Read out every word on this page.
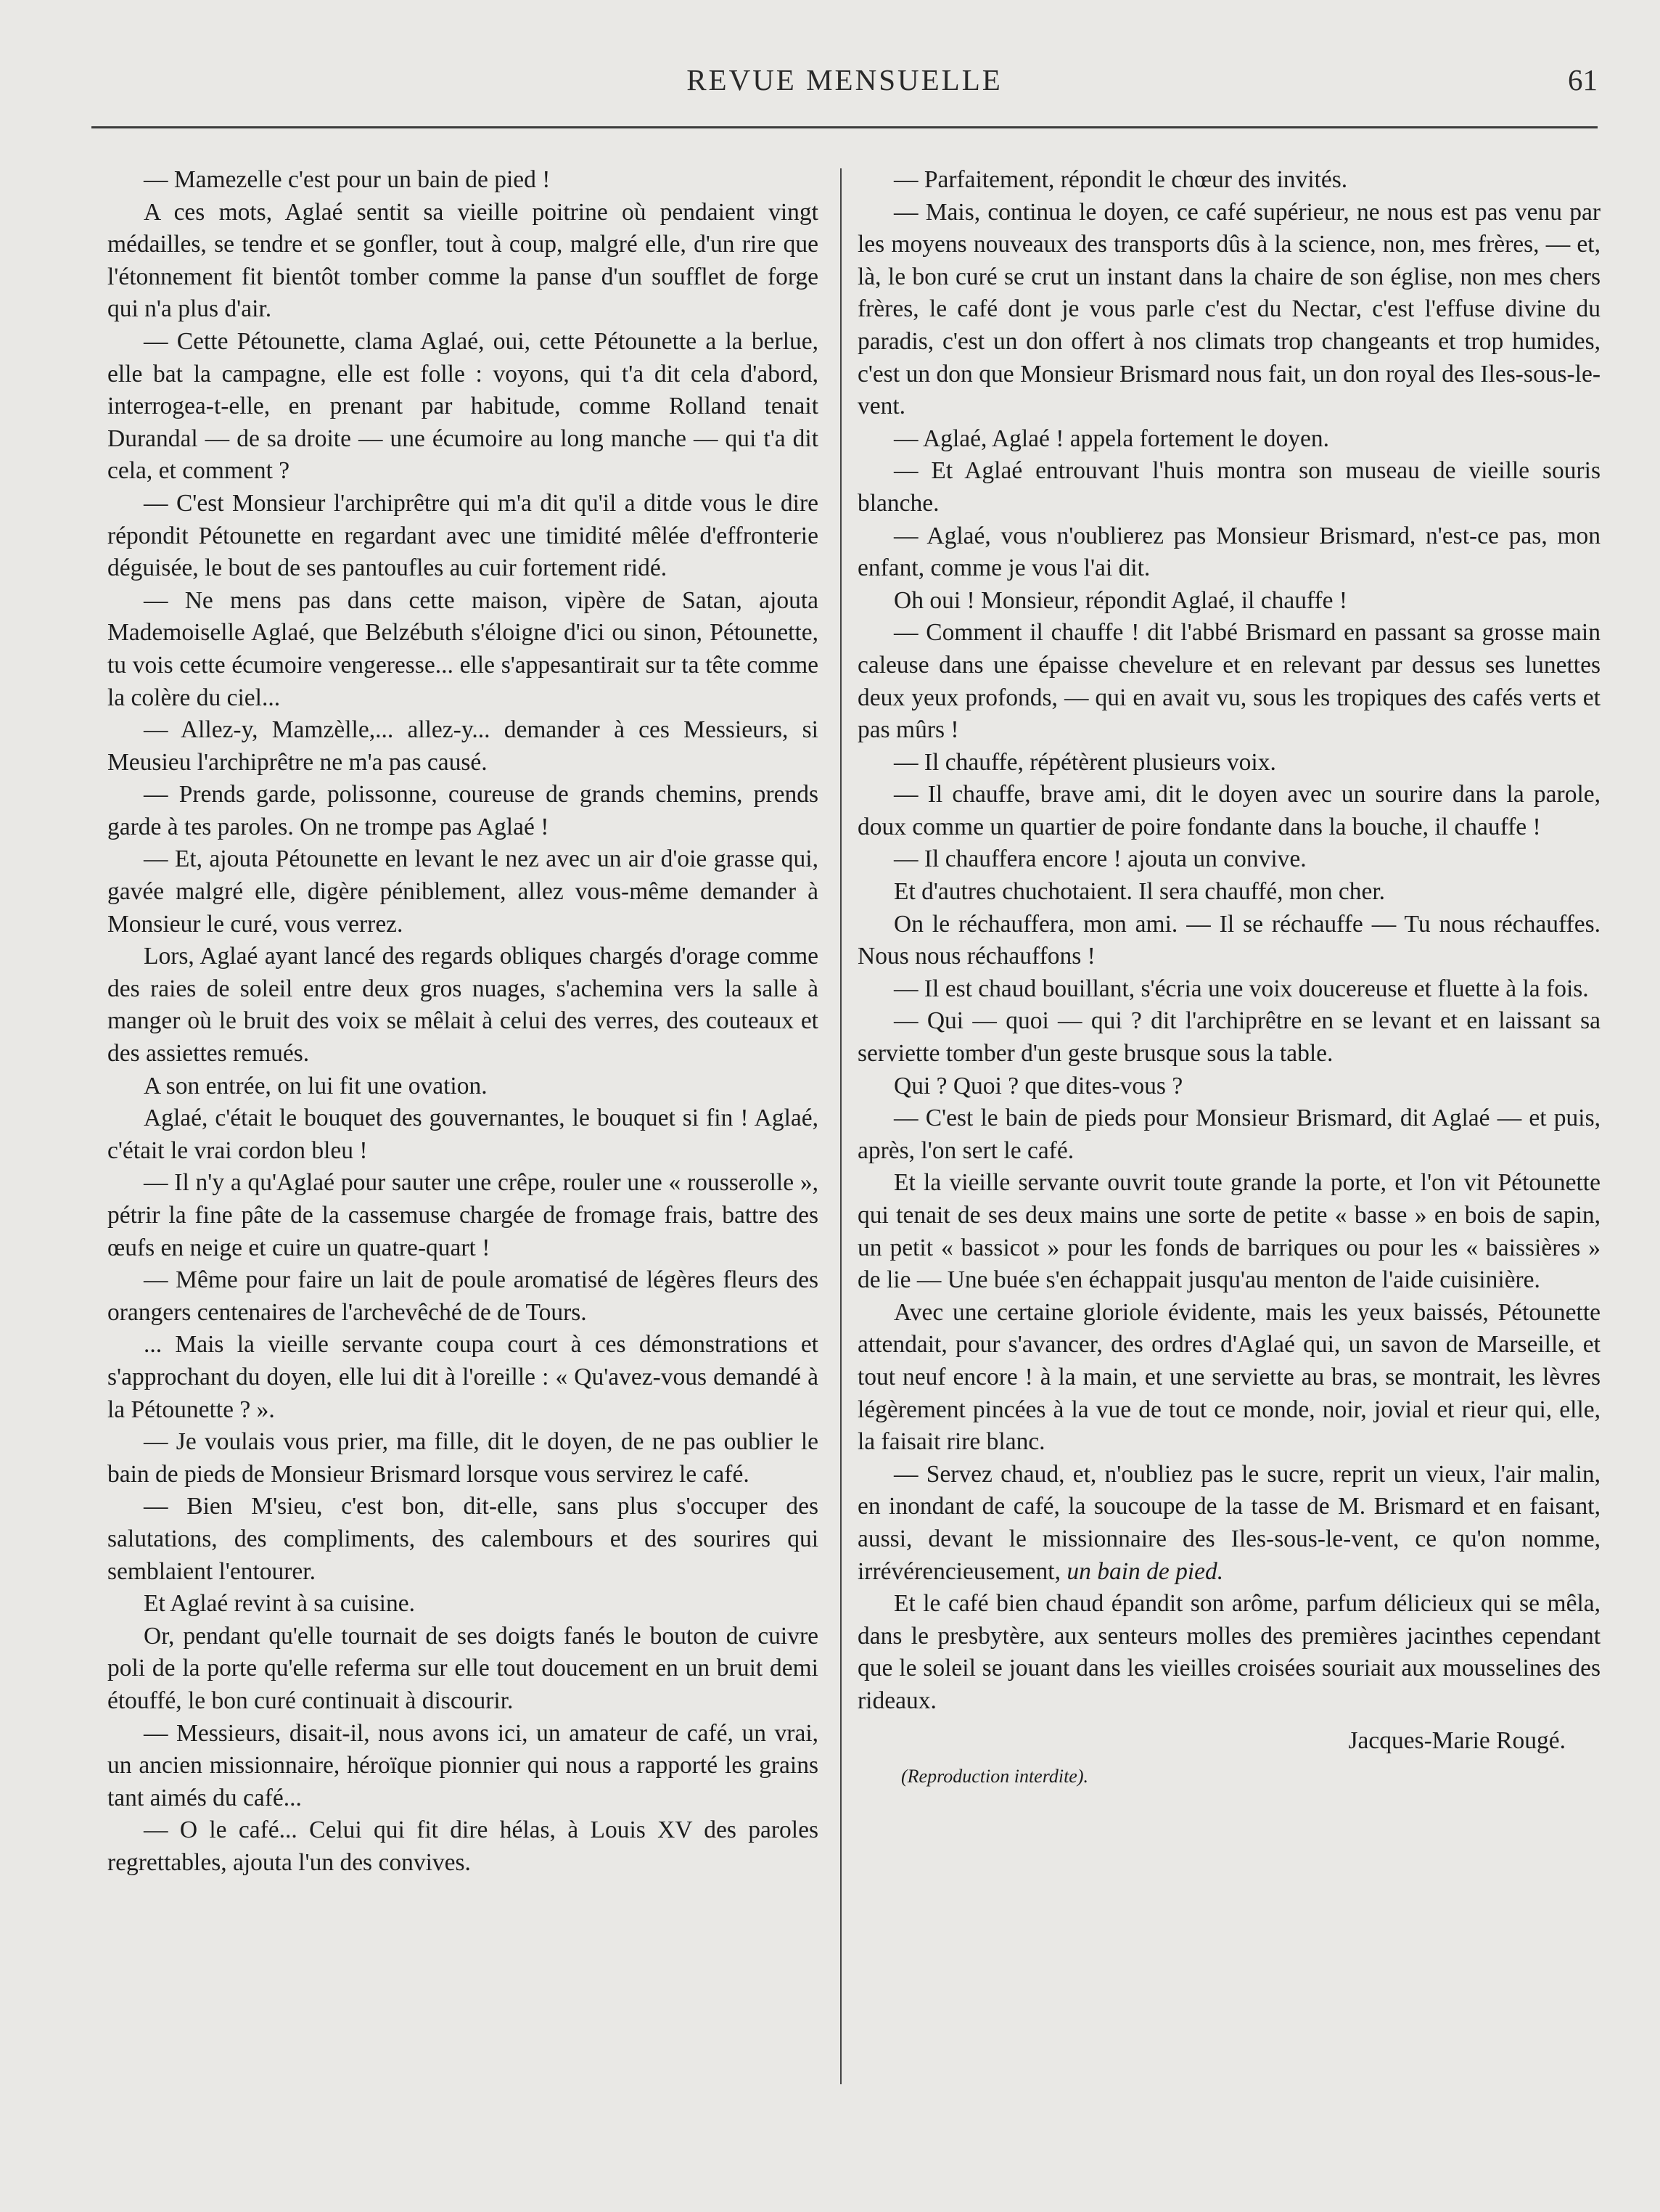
REVUE MENSUELLE	61

— Mamezelle c'est pour un bain de pied !

A ces mots, Aglaé sentit sa vieille poitrine où pendaient vingt médailles, se tendre et se gonfler, tout à coup, malgré elle, d'un rire que l'étonnement fit bientôt tomber comme la panse d'un soufflet de forge qui n'a plus d'air.

— Cette Pétounette, clama Aglaé, oui, cette Pétounette a la berlue, elle bat la campagne, elle est folle : voyons, qui t'a dit cela d'abord, interrogea-t-elle, en prenant par habitude, comme Rolland tenait Durandal — de sa droite — une écumoire au long manche — qui t'a dit cela, et comment ?

— C'est Monsieur l'archiprêtre qui m'a dit qu'il a ditde vous le dire répondit Pétounette en regardant avec une timidité mêlée d'effronterie déguisée, le bout de ses pantoufles au cuir fortement ridé.

— Ne mens pas dans cette maison, vipère de Satan, ajouta Mademoiselle Aglaé, que Belzébuth s'éloigne d'ici ou sinon, Pétounette, tu vois cette écumoire vengeresse... elle s'appesantirait sur ta tête comme la colère du ciel...

— Allez-y, Mamzèlle,... allez-y... demander à ces Messieurs, si Meusieu l'archiprêtre ne m'a pas causé.

— Prends garde, polissonne, coureuse de grands chemins, prends garde à tes paroles. On ne trompe pas Aglaé !

— Et, ajouta Pétounette en levant le nez avec un air d'oie grasse qui, gavée malgré elle, digère péniblement, allez vous-même demander à Monsieur le curé, vous verrez.

Lors, Aglaé ayant lancé des regards obliques chargés d'orage comme des raies de soleil entre deux gros nuages, s'achemina vers la salle à manger où le bruit des voix se mêlait à celui des verres, des couteaux et des assiettes remués.

A son entrée, on lui fit une ovation.

Aglaé, c'était le bouquet des gouvernantes, le bouquet si fin ! Aglaé, c'était le vrai cordon bleu !

— Il n'y a qu'Aglaé pour sauter une crêpe, rouler une « rousserolle », pétrir la fine pâte de la cassemuse chargée de fromage frais, battre des œufs en neige et cuire un quatre-quart !

— Même pour faire un lait de poule aromatisé de légères fleurs des orangers centenaires de l'archevêché de de Tours.

... Mais la vieille servante coupa court à ces démonstrations et s'approchant du doyen, elle lui dit à l'oreille : « Qu'avez-vous demandé à la Pétounette ? ».

— Je voulais vous prier, ma fille, dit le doyen, de ne pas oublier le bain de pieds de Monsieur Brismard lorsque vous servirez le café.

— Bien M'sieu, c'est bon, dit-elle, sans plus s'occuper des salutations, des compliments, des calembours et des sourires qui semblaient l'entourer.

Et Aglaé revint à sa cuisine.

Or, pendant qu'elle tournait de ses doigts fanés le bouton de cuivre poli de la porte qu'elle referma sur elle tout doucement en un bruit demi étouffé, le bon curé continuait à discourir.

— Messieurs, disait-il, nous avons ici, un amateur de café, un vrai, un ancien missionnaire, héroïque pionnier qui nous a rapporté les grains tant aimés du café...

— O le café... Celui qui fit dire hélas, à Louis XV des paroles regrettables, ajouta l'un des convives.

— Parfaitement, répondit le chœur des invités.

— Mais, continua le doyen, ce café supérieur, ne nous est pas venu par les moyens nouveaux des transports dûs à la science, non, mes frères, — et, là, le bon curé se crut un instant dans la chaire de son église, non mes chers frères, le café dont je vous parle c'est du Nectar, c'est l'effuse divine du paradis, c'est un don offert à nos climats trop changeants et trop humides, c'est un don que Monsieur Brismard nous fait, un don royal des Iles-sous-le-vent.

— Aglaé, Aglaé ! appela fortement le doyen.

— Et Aglaé entrouvant l'huis montra son museau de vieille souris blanche.

— Aglaé, vous n'oublierez pas Monsieur Brismard, n'est-ce pas, mon enfant, comme je vous l'ai dit.

Oh oui ! Monsieur, répondit Aglaé, il chauffe !

— Comment il chauffe ! dit l'abbé Brismard en passant sa grosse main caleuse dans une épaisse chevelure et en relevant par dessus ses lunettes deux yeux profonds, — qui en avait vu, sous les tropiques des cafés verts et pas mûrs !

— Il chauffe, répétèrent plusieurs voix.

— Il chauffe, brave ami, dit le doyen avec un sourire dans la parole, doux comme un quartier de poire fondante dans la bouche, il chauffe !

— Il chauffera encore ! ajouta un convive.

Et d'autres chuchotaient. Il sera chauffé, mon cher.

On le réchauffera, mon ami. — Il se réchauffe — Tu nous réchauffes. Nous nous réchauffons !

— Il est chaud bouillant, s'écria une voix doucereuse et fluette à la fois.

— Qui — quoi — qui ? dit l'archiprêtre en se levant et en laissant sa serviette tomber d'un geste brusque sous la table.

Qui ? Quoi ? que dites-vous ?

— C'est le bain de pieds pour Monsieur Brismard, dit Aglaé — et puis, après, l'on sert le café.

Et la vieille servante ouvrit toute grande la porte, et l'on vit Pétounette qui tenait de ses deux mains une sorte de petite « basse » en bois de sapin, un petit « bassicot » pour les fonds de barriques ou pour les « baissières » de lie — Une buée s'en échappait jusqu'au menton de l'aide cuisinière.

Avec une certaine gloriole évidente, mais les yeux baissés, Pétounette attendait, pour s'avancer, des ordres d'Aglaé qui, un savon de Marseille, et tout neuf encore ! à la main, et une serviette au bras, se montrait, les lèvres légèrement pincées à la vue de tout ce monde, noir, jovial et rieur qui, elle, la faisait rire blanc.

— Servez chaud, et, n'oubliez pas le sucre, reprit un vieux, l'air malin, en inondant de café, la soucoupe de la tasse de M. Brismard et en faisant, aussi, devant le missionnaire des Iles-sous-le-vent, ce qu'on nomme, irrévérencieusement, un bain de pied.

Et le café bien chaud épandit son arôme, parfum délicieux qui se mêla, dans le presbytère, aux senteurs molles des premières jacinthes cependant que le soleil se jouant dans les vieilles croisées souriait aux mousselines des rideaux.

Jacques-Marie Rougé.
(Reproduction interdite).
